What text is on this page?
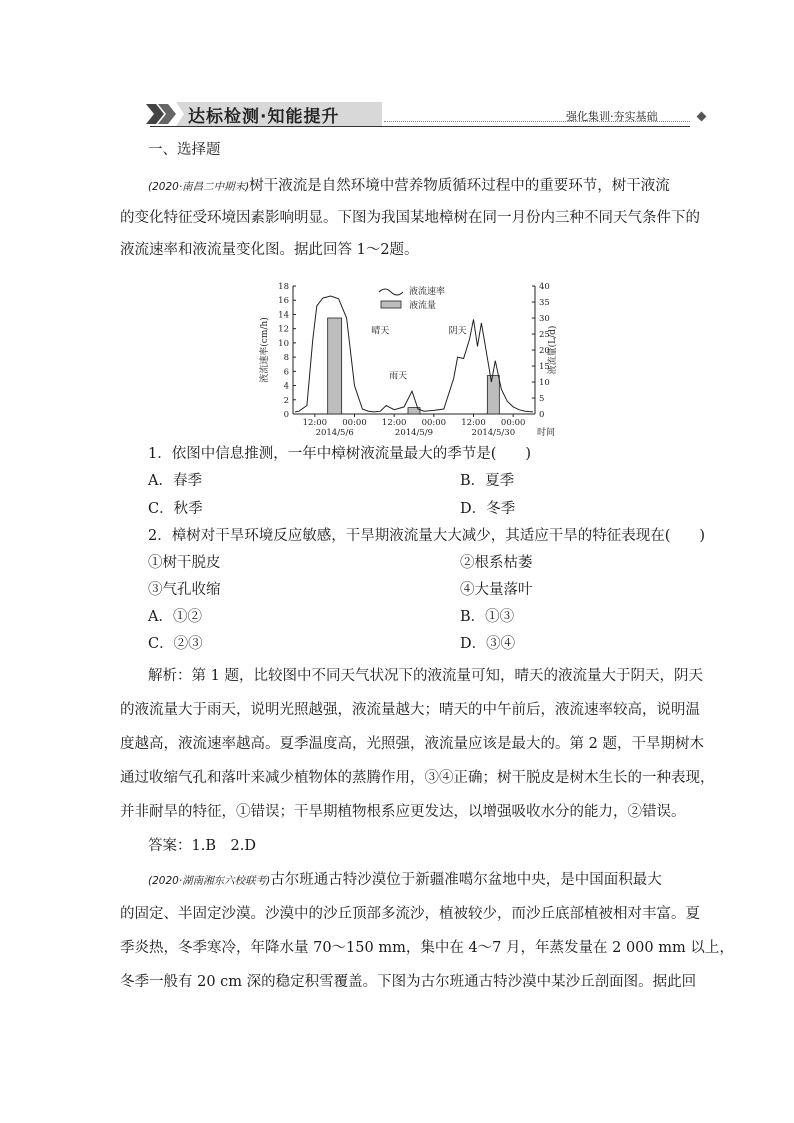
达标检测·知能提升	强化集训·夯实基础
一、选择题
(2020·南昌二中期末)树干液流是自然环境中营养物质循环过程中的重要环节，树干液流
的变化特征受环境因素影响明显。下图为我国某地樟树在同一月份内三种不同天气条件下的
液流速率和液流量变化图。据此回答 1～2题。
0
2
4
6
8
10
12
14
16
18
0
5
10
15
20
25
30
35
40
12:00 00:00 12:00 00:00 12:00 00:00
2014/5/6	2014/5/9	2014/5/30 时间
液流速率(cm/h)	液流量(L/d)
晴天
雨天
阴天
液流速率
液流量
1．依图中信息推测，一年中樟树液流量最大的季节是(　　)
A．春季	B．夏季
C．秋季	D．冬季
2．樟树对干旱环境反应敏感，干旱期液流量大大减少，其适应干旱的特征表现在(　　)
①树干脱皮	②根系枯萎
③气孔收缩	④大量落叶
A．①②	B．①③
C．②③	D．③④
解析：第 1 题，比较图中不同天气状况下的液流量可知，晴天的液流量大于阴天，阴天
的液流量大于雨天，说明光照越强，液流量越大；晴天的中午前后，液流速率较高，说明温
度越高，液流速率越高。夏季温度高，光照强，液流量应该是最大的。第 2 题，干旱期树木
通过收缩气孔和落叶来减少植物体的蒸腾作用，③④正确；树干脱皮是树木生长的一种表现，
并非耐旱的特征，①错误；干旱期植物根系应更发达，以增强吸收水分的能力，②错误。
答案：1.B　2.D
(2020·湖南湘东六校联考)古尔班通古特沙漠位于新疆准噶尔盆地中央，是中国面积最大
的固定、半固定沙漠。沙漠中的沙丘顶部多流沙，植被较少，而沙丘底部植被相对丰富。夏
季炎热，冬季寒冷，年降水量 70～150 mm，集中在 4～7 月，年蒸发量在 2 000 mm 以上，
冬季一般有 20 cm 深的稳定积雪覆盖。下图为古尔班通古特沙漠中某沙丘剖面图。据此回
